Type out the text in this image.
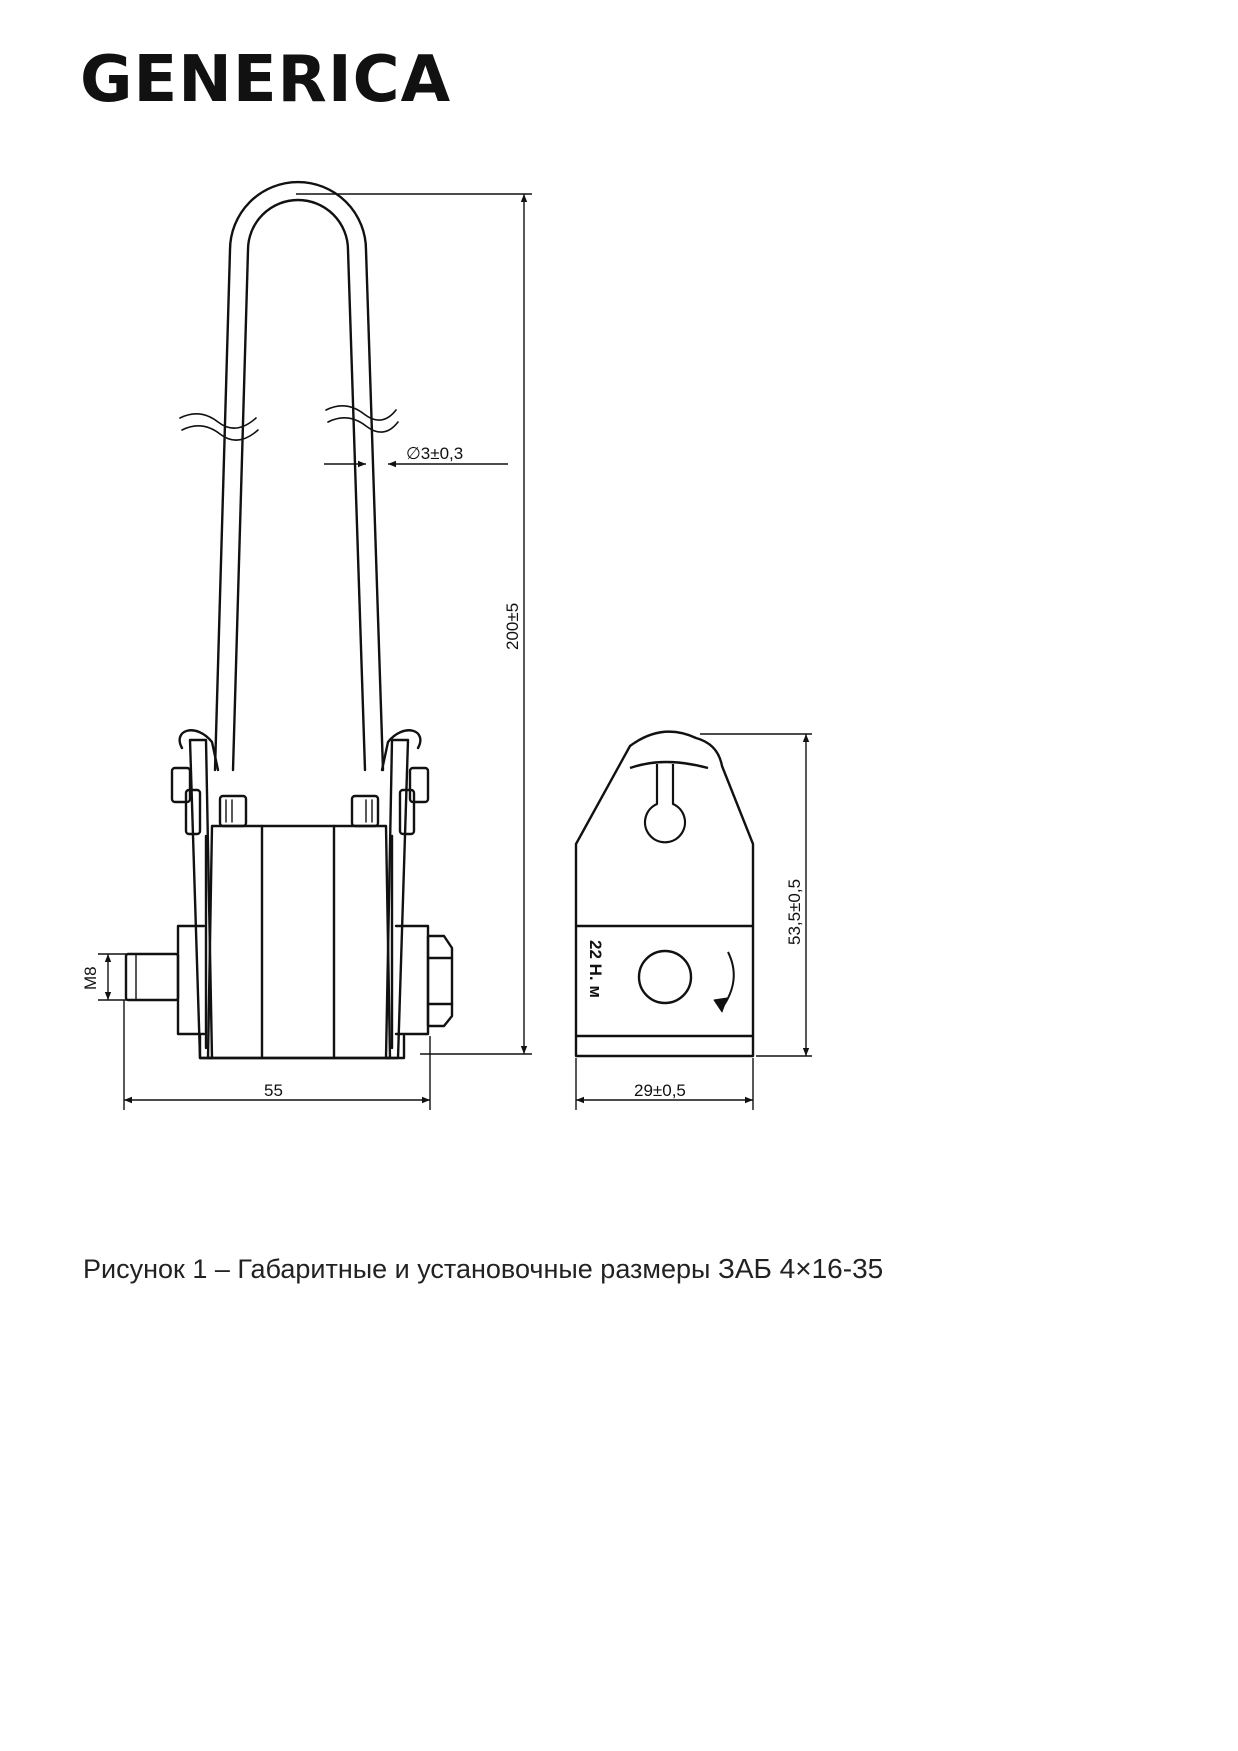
GENERICA
∅3±0,3
200±5
M8
55
53,5±0,5
29±0,5
22 Н. м
Рисунок 1 – Габаритные и установочные размеры ЗАБ 4×16-35
